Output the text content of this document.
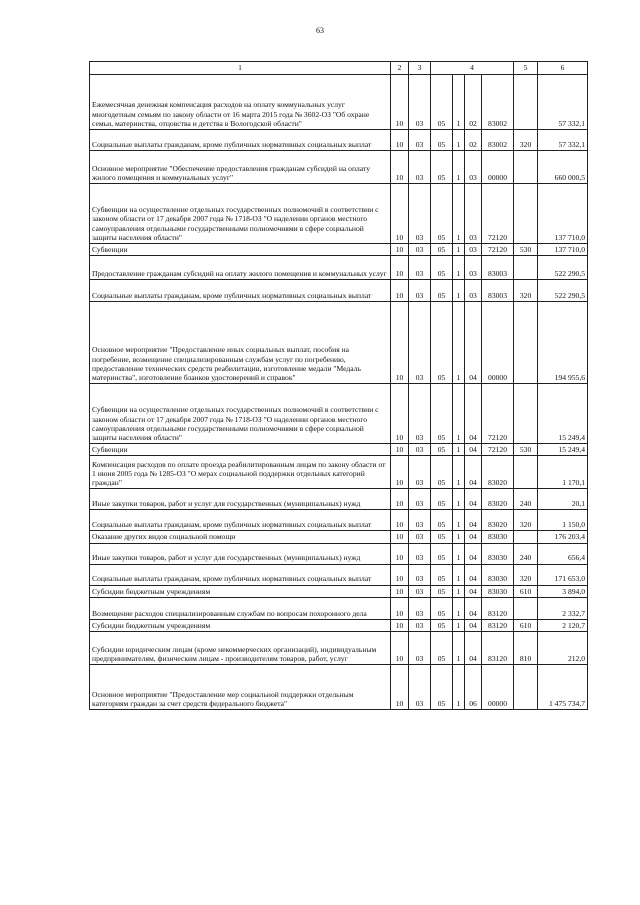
63
1	2	3	4				5	6
Ежемесячная денежная компенсация расходов на оплату коммунальных услуг многодетным семьям по закону области от 16 марта 2015 года № 3602-ОЗ "Об охране семьи, материнства, отцовства и детства в Вологодской области"	10	03	05	1	02	83002		57 332,1
Социальные выплаты гражданам, кроме публичных нормативных социальных выплат	10	03	05	1	02	83002	320	57 332,1
Основное мероприятие "Обеспечение предоставления гражданам субсидий на оплату жилого помещения и коммунальных услуг"	10	03	05	1	03	00000		660 000,5
Субвенции на осуществление отдельных государственных полномочий в соответствии с законом области от 17 декабря 2007 года № 1718-ОЗ "О наделении органов местного самоуправления отдельными государственными полномочиями в сфере социальной защиты населения области"	10	03	05	1	03	72120		137 710,0
Субвенции	10	03	05	1	03	72120	530	137 710,0
Предоставление гражданам субсидий на оплату жилого помещения и коммунальных услуг	10	03	05	1	03	83003		522 290,5
Социальные выплаты гражданам, кроме публичных нормативных социальных выплат	10	03	05	1	03	83003	320	522 290,5
Основное мероприятие "Предоставление иных социальных выплат, пособия на погребение, возмещение специализированным службам услуг по погребению, предоставление технических средств реабилитации, изготовление медали "Медаль материнства", изготовление бланков удостоверений и справок"	10	03	05	1	04	00000		194 955,6
Субвенции на осуществление отдельных государственных полномочий в соответствии с законом области от 17 декабря 2007 года № 1718-ОЗ "О наделении органов местного самоуправления отдельными государственными полномочиями в сфере социальной защиты населения области"	10	03	05	1	04	72120		15 249,4
Субвенции	10	03	05	1	04	72120	530	15 249,4
Компенсация расходов по оплате проезда реабилитированным лицам по закону области от 1 июня 2005 года № 1285-ОЗ "О мерах социальной поддержки отдельных категорий граждан"	10	03	05	1	04	83020		1 170,1
Иные закупки товаров, работ и услуг для государственных (муниципальных) нужд	10	03	05	1	04	83020	240	20,1
Социальные выплаты гражданам, кроме публичных нормативных социальных выплат	10	03	05	1	04	83020	320	1 150,0
Оказание других видов социальной помощи	10	03	05	1	04	83030		176 203,4
Иные закупки товаров, работ и услуг для государственных (муниципальных) нужд	10	03	05	1	04	83030	240	656,4
Социальные выплаты гражданам, кроме публичных нормативных социальных выплат	10	03	05	1	04	83030	320	171 653,0
Субсидии бюджетным учреждениям	10	03	05	1	04	83030	610	3 894,0
Возмещение расходов специализированным службам по вопросам похоронного дела	10	03	05	1	04	83120		2 332,7
Субсидии бюджетным учреждениям	10	03	05	1	04	83120	610	2 120,7
Субсидии юридическим лицам (кроме некоммерческих организаций), индивидуальным предпринимателям, физическим лицам - производителям товаров, работ, услуг	10	03	05	1	04	83120	810	212,0
Основное мероприятие "Предоставление мер социальной поддержки отдельным категориям граждан за счет средств федерального бюджета"	10	03	05	1	06	00000		1 475 734,7
